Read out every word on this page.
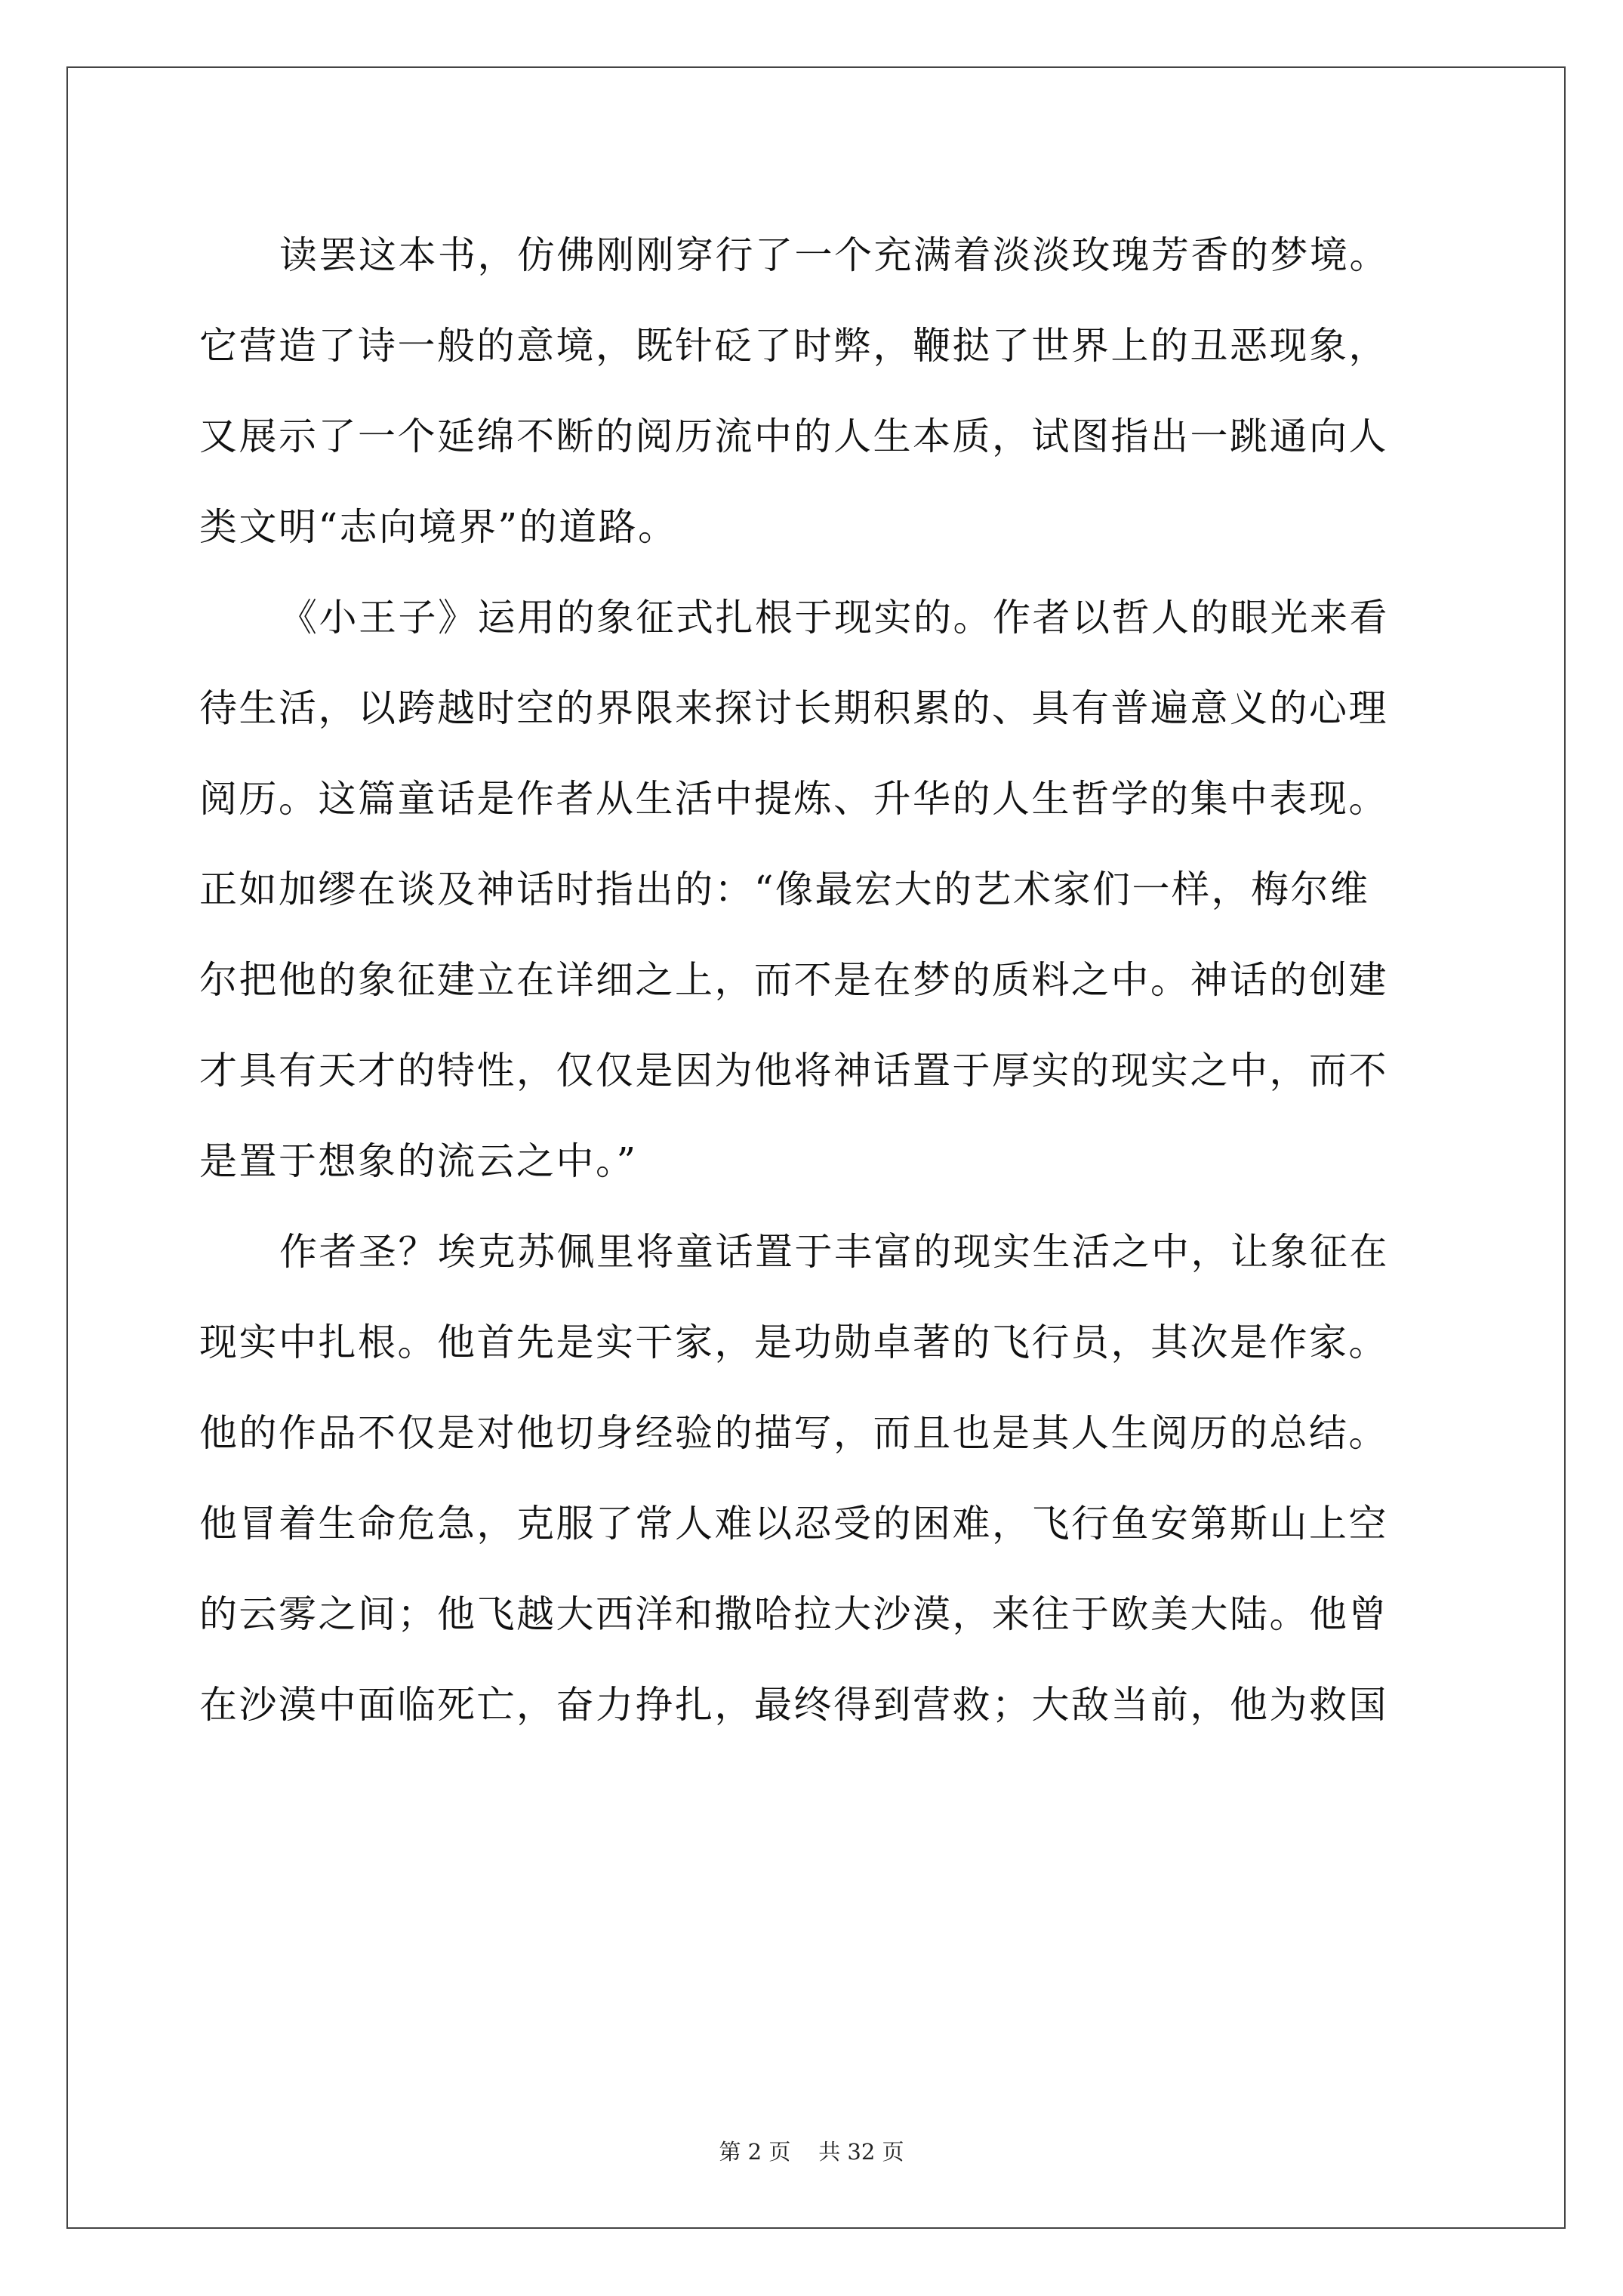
读罢这本书，仿佛刚刚穿行了一个充满着淡淡玫瑰芳香的梦境。
它营造了诗一般的意境，既针砭了时弊，鞭挞了世界上的丑恶现象，
又展示了一个延绵不断的阅历流中的人生本质，试图指出一跳通向人
类文明“志向境界”的道路。
《小王子》运用的象征式扎根于现实的。作者以哲人的眼光来看
待生活，以跨越时空的界限来探讨长期积累的、具有普遍意义的心理
阅历。这篇童话是作者从生活中提炼、升华的人生哲学的集中表现。
正如加缪在谈及神话时指出的：“像最宏大的艺术家们一样，梅尔维
尔把他的象征建立在详细之上，而不是在梦的质料之中。神话的创建
才具有天才的特性，仅仅是因为他将神话置于厚实的现实之中，而不
是置于想象的流云之中。”
作者圣？埃克苏佩里将童话置于丰富的现实生活之中，让象征在
现实中扎根。他首先是实干家，是功勋卓著的飞行员，其次是作家。
他的作品不仅是对他切身经验的描写，而且也是其人生阅历的总结。
他冒着生命危急，克服了常人难以忍受的困难，飞行鱼安第斯山上空
的云雾之间；他飞越大西洋和撒哈拉大沙漠，来往于欧美大陆。他曾
在沙漠中面临死亡，奋力挣扎，最终得到营救；大敌当前，他为救国
第 2 页 共 32 页
